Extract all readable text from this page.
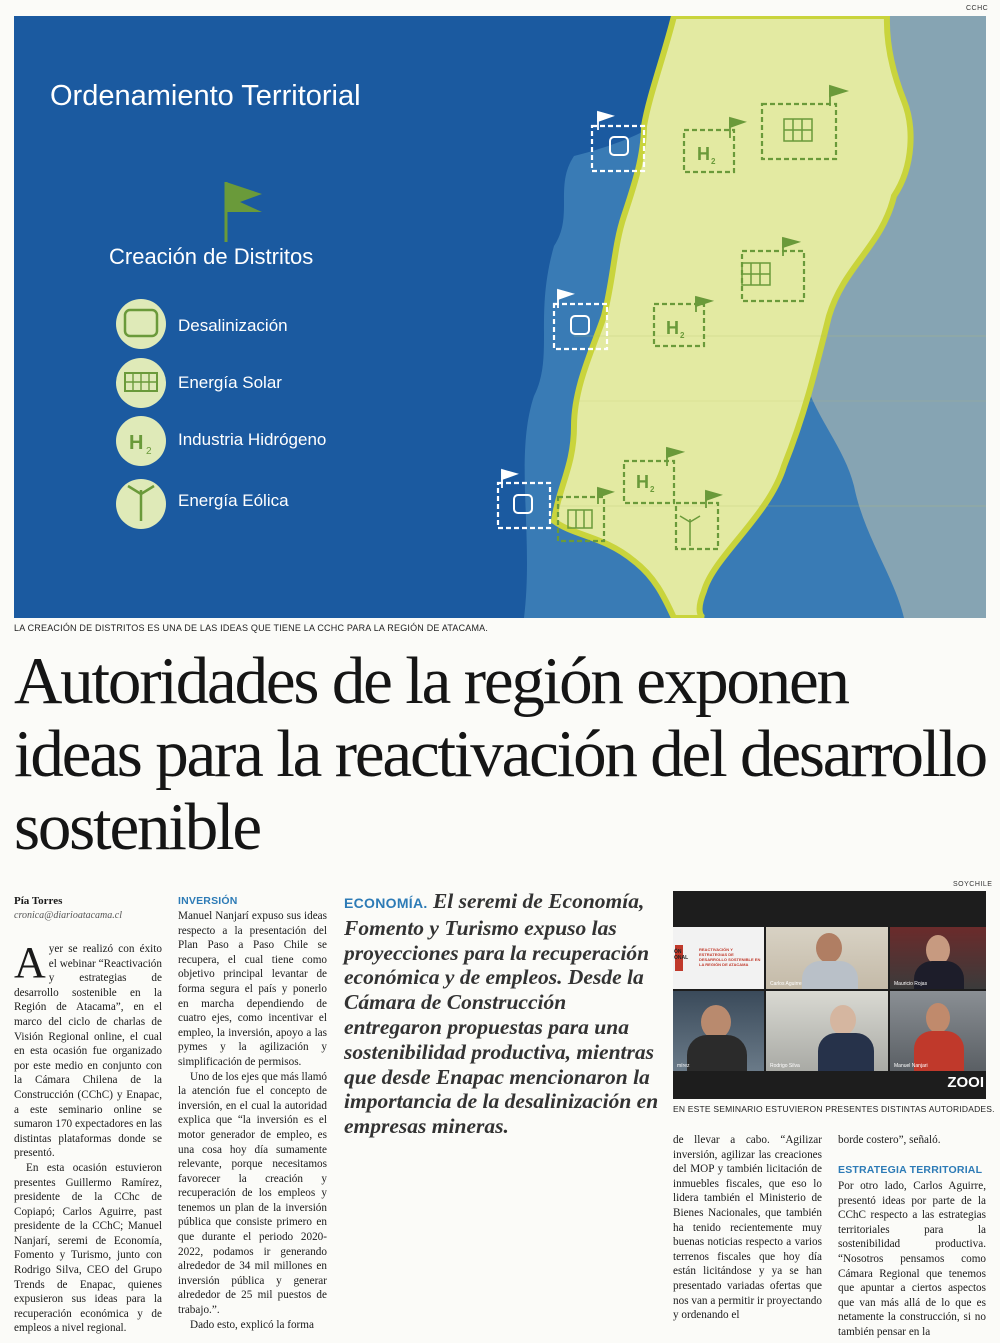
CCHC
H 2
H 2
H 2
H 2
Ordenamiento Territorial
Creación de Distritos
Desalinización
Energía Solar
Industria Hidrógeno
Energía Eólica
LA CREACIÓN DE DISTRITOS ES UNA DE LAS IDEAS QUE TIENE LA CCHC PARA LA REGIÓN DE ATACAMA.
Autoridades de la región exponen ideas para la reactivación del desarrollo sostenible
Pía Torres
cronica@diarioatacama.cl

Ayer se realizó con éxito el webinar “Reactivación y estrategias de desarrollo sostenible en la Región de Atacama”, en el marco del ciclo de charlas de Visión Regional online, el cual en esta ocasión fue organizado por este medio en conjunto con la Cámara Chilena de la Construcción (CChC) y Enapac, a este seminario online se sumaron 170 expectadores en las distintas plataformas donde se presentó.

En esta ocasión estuvieron presentes Guillermo Ramírez, presidente de la CChc de Copiapó; Carlos Aguirre, past presidente de la CChC; Manuel Nanjarí, seremi de Economía, Fomento y Turismo, junto con Rodrigo Silva, CEO del Grupo Trends de Enapac, quienes expusieron sus ideas para la recuperación económica y de empleos a nivel regional.

INVERSIÓN

Manuel Nanjarí expuso sus ideas respecto a la presentación del Plan Paso a Paso Chile se recupera, el cual tiene como objetivo principal levantar de forma segura el país y ponerlo en marcha dependiendo de cuatro ejes, como incentivar el empleo, la inversión, apoyo a las pymes y la agilización y simplificación de permisos.

Uno de los ejes que más llamó la atención fue el concepto de inversión, en el cual la autoridad explica que “la inversión es el motor generador de empleo, es una cosa hoy día sumamente relevante, porque necesitamos favorecer la creación y recuperación de los empleos y tenemos un plan de la inversión pública que consiste primero en que durante el periodo 2020-2022, podamos ir generando alrededor de 34 mil millones en inversión pública y generar alrededor de 25 mil puestos de trabajo.”.

Dado esto, explicó la forma

ECONOMÍA. El seremi de Economía, Fomento y Turismo expuso las proyecciones para la recuperación económica y de empleos. Desde la Cámara de Construcción entregaron propuestas para una sostenibilidad productiva, mientras que desde Enapac mencionaron la importancia de la desalinización en empresas mineras.
SOYCHILE
ÓN
ONAL
REACTIVACIÓN Y ESTRATEGIAS DE DESARROLLO SOSTENIBLE EN LA REGIÓN DE ATACAMA
mírez
Carlos Aguirre	Mauricio Rojas
Rodrigo Silva	Manuel Nanjari
ZOOI
EN ESTE SEMINARIO ESTUVIERON PRESENTES DISTINTAS AUTORIDADES.

de llevar a cabo. “Agilizar inversión, agilizar las creaciones del MOP y también licitación de inmuebles fiscales, que eso lo lidera también el Ministerio de Bienes Nacionales, que también ha tenido recientemente muy buenas noticias respecto a varios terrenos fiscales que hoy día están licitándose y ya se han presentado variadas ofertas que nos van a permitir ir proyectando y ordenando el

borde costero”, señaló.

ESTRATEGIA TERRITORIAL

Por otro lado, Carlos Aguirre, presentó ideas por parte de la CChC respecto a las estrategias territoriales para la sostenibilidad productiva. “Nosotros pensamos como Cámara Regional que tenemos que apuntar a ciertos aspectos que van más allá de lo que es netamente la construcción, si no también pensar en la
